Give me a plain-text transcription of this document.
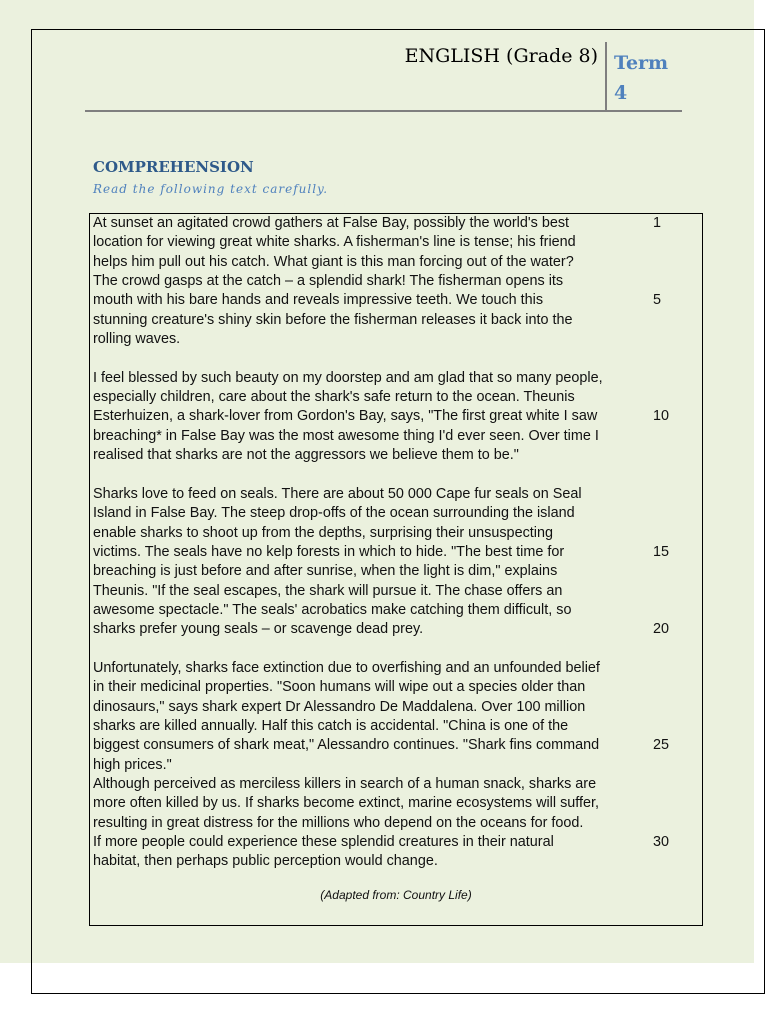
ENGLISH (Grade 8) Term 4
COMPREHENSION
Read the following text carefully.
At sunset an agitated crowd gathers at False Bay, possibly the world's best	1
location for viewing great white sharks. A fisherman's line is tense; his friend
helps him pull out his catch. What giant is this man forcing out of the water?
The crowd gasps at the catch – a splendid shark! The fisherman opens its
mouth with his bare hands and reveals impressive teeth. We touch this	5
stunning creature's shiny skin before the fisherman releases it back into the
rolling waves.
I feel blessed by such beauty on my doorstep and am glad that so many people,
especially children, care about the shark's safe return to the ocean. Theunis
Esterhuizen, a shark-lover from Gordon's Bay, says, "The first great white I saw	10
breaching* in False Bay was the most awesome thing I'd ever seen. Over time I
realised that sharks are not the aggressors we believe them to be."
Sharks love to feed on seals. There are about 50 000 Cape fur seals on Seal
Island in False Bay. The steep drop-offs of the ocean surrounding the island
enable sharks to shoot up from the depths, surprising their unsuspecting
victims. The seals have no kelp forests in which to hide. "The best time for	15
breaching is just before and after sunrise, when the light is dim," explains
Theunis. "If the seal escapes, the shark will pursue it. The chase offers an
awesome spectacle." The seals' acrobatics make catching them difficult, so
sharks prefer young seals – or scavenge dead prey.	20
Unfortunately, sharks face extinction due to overfishing and an unfounded belief
in their medicinal properties. "Soon humans will wipe out a species older than
dinosaurs," says shark expert Dr Alessandro De Maddalena. Over 100 million
sharks are killed annually. Half this catch is accidental. "China is one of the
biggest consumers of shark meat," Alessandro continues. "Shark fins command	25
high prices."
Although perceived as merciless killers in search of a human snack, sharks are
more often killed by us. If sharks become extinct, marine ecosystems will suffer,
resulting in great distress for the millions who depend on the oceans for food.
If more people could experience these splendid creatures in their natural	30
habitat, then perhaps public perception would change.
(Adapted from: Country Life)
